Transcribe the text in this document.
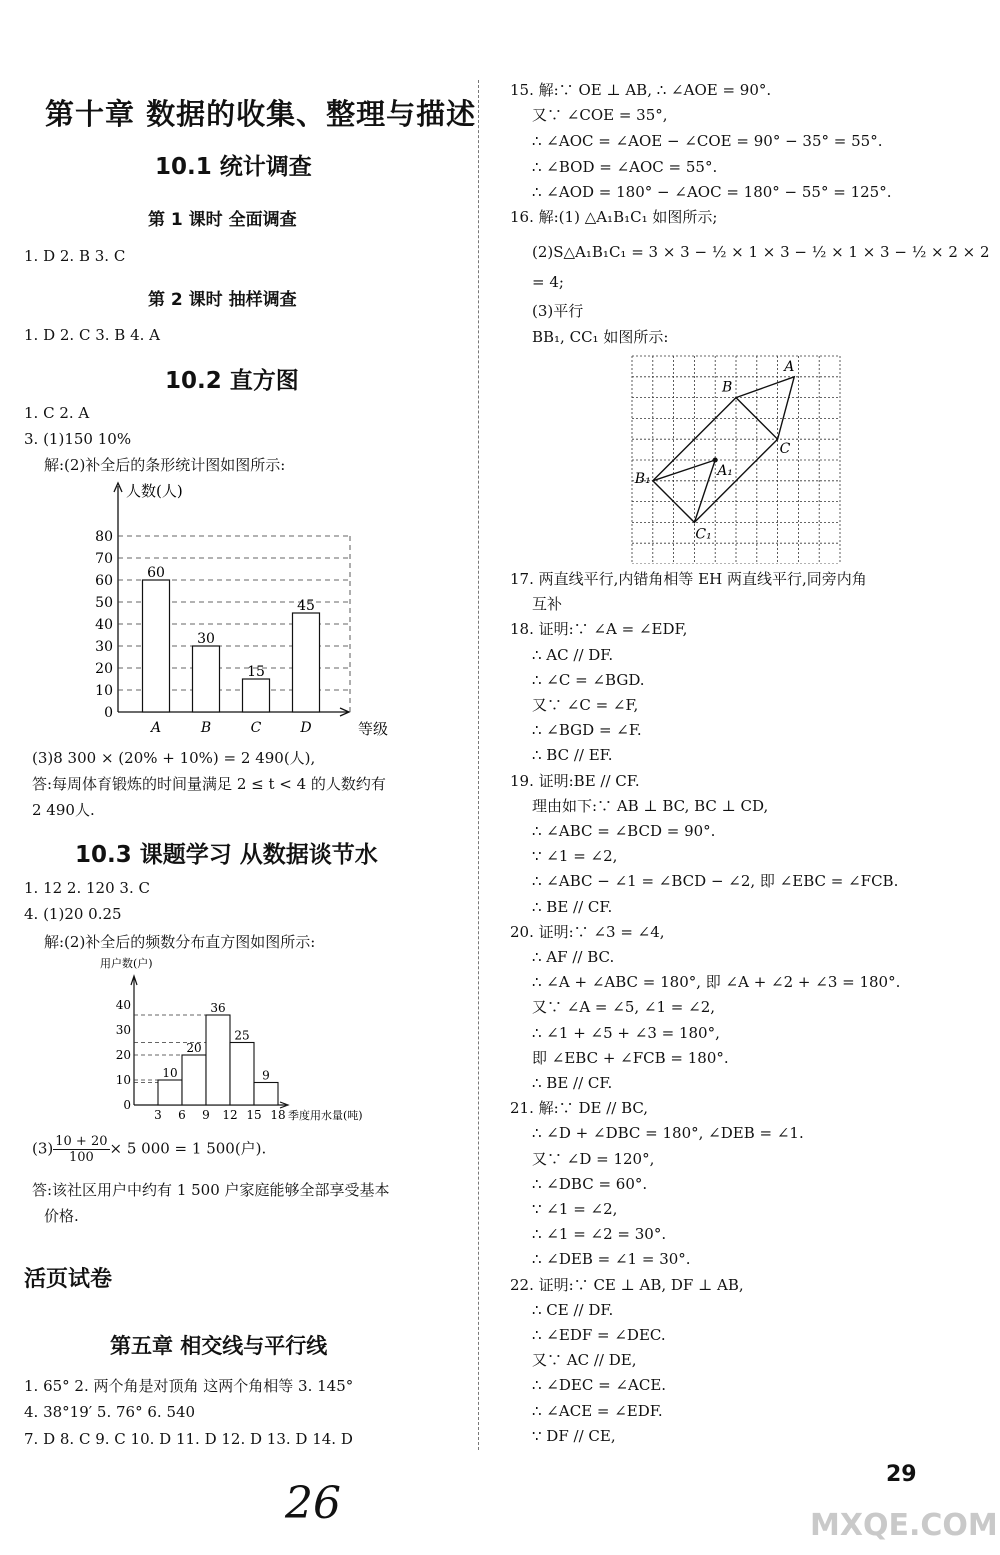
第十章 数据的收集、整理与描述
10.1 统计调查
第 1 课时 全面调查
1. D 2. B 3. C
第 2 课时 抽样调查
1. D 2. C 3. B 4. A
10.2 直方图
1. C 2. A
3. (1)150 10%
解:(2)补全后的条形统计图如图所示:
0
10
20
30
40
50
60
70
80
人数(人)
60
A
30
B
15
C
45
D	等级
(3)8 300 × (20% + 10%) = 2 490(人),
答:每周体育锻炼的时间量满足 2 ≤ t < 4 的人数约有
2 490人.
10.3 课题学习 从数据谈节水
1. 12 2. 120 3. C
4. (1)20 0.25
解:(2)补全后的频数分布直方图如图所示:
用户数(户)
0
10
20
30
40
10
20
36
25
9
3 6 9 12 15 18 季度用水量(吨)
$(3) \frac{10 + 20}{100} \times 5$ 000 = 1 500(户).
答:该社区用户中约有 1 500 户家庭能够全部享受基本
价格.
活页试卷
第五章 相交线与平行线
1. 65° 2. 两个角是对顶角 这两个角相等 3. 145°
4. 38°19′ 5. 76° 6. 540
7. D 8. C 9. C 10. D 11. D 12. D 13. D 14. D
15. 解:∵ OE ⊥ AB, ∴ ∠AOE = 90°.
又∵ ∠COE = 35°,
∴ ∠AOC = ∠AOE − ∠COE = 90° − 35° = 55°.
∴ ∠BOD = ∠AOC = 55°.
∴ ∠AOD = 180° − ∠AOC = 180° − 55° = 125°.
16. 解:(1) △A₁B₁C₁ 如图所示;
(2)S△A₁B₁C₁ = 3 × 3 − ½ × 1 × 3 − ½ × 1 × 3 − ½ × 2 × 2
= 4;
(3)平行
BB₁, CC₁ 如图所示:
A
B
C
B₁	A₁
C₁
17. 两直线平行,内错角相等 EH 两直线平行,同旁内角
互补
18. 证明:∵ ∠A = ∠EDF,
∴ AC // DF.
∴ ∠C = ∠BGD.
又∵ ∠C = ∠F,
∴ ∠BGD = ∠F.
∴ BC // EF.
19. 证明:BE // CF.
理由如下:∵ AB ⊥ BC, BC ⊥ CD,
∴ ∠ABC = ∠BCD = 90°.
∵ ∠1 = ∠2,
∴ ∠ABC − ∠1 = ∠BCD − ∠2, 即 ∠EBC = ∠FCB.
∴ BE // CF.
20. 证明:∵ ∠3 = ∠4,
∴ AF // BC.
∴ ∠A + ∠ABC = 180°, 即 ∠A + ∠2 + ∠3 = 180°.
又∵ ∠A = ∠5, ∠1 = ∠2,
∴ ∠1 + ∠5 + ∠3 = 180°,
即 ∠EBC + ∠FCB = 180°.
∴ BE // CF.
21. 解:∵ DE // BC,
∴ ∠D + ∠DBC = 180°, ∠DEB = ∠1.
又∵ ∠D = 120°,
∴ ∠DBC = 60°.
∵ ∠1 = ∠2,
∴ ∠1 = ∠2 = 30°.
∴ ∠DEB = ∠1 = 30°.
22. 证明:∵ CE ⊥ AB, DF ⊥ AB,
∴ CE // DF.
∴ ∠EDF = ∠DEC.
又∵ AC // DE,
∴ ∠DEC = ∠ACE.
∴ ∠ACE = ∠EDF.
∵ DF // CE,
29
26	MXQE.COM
